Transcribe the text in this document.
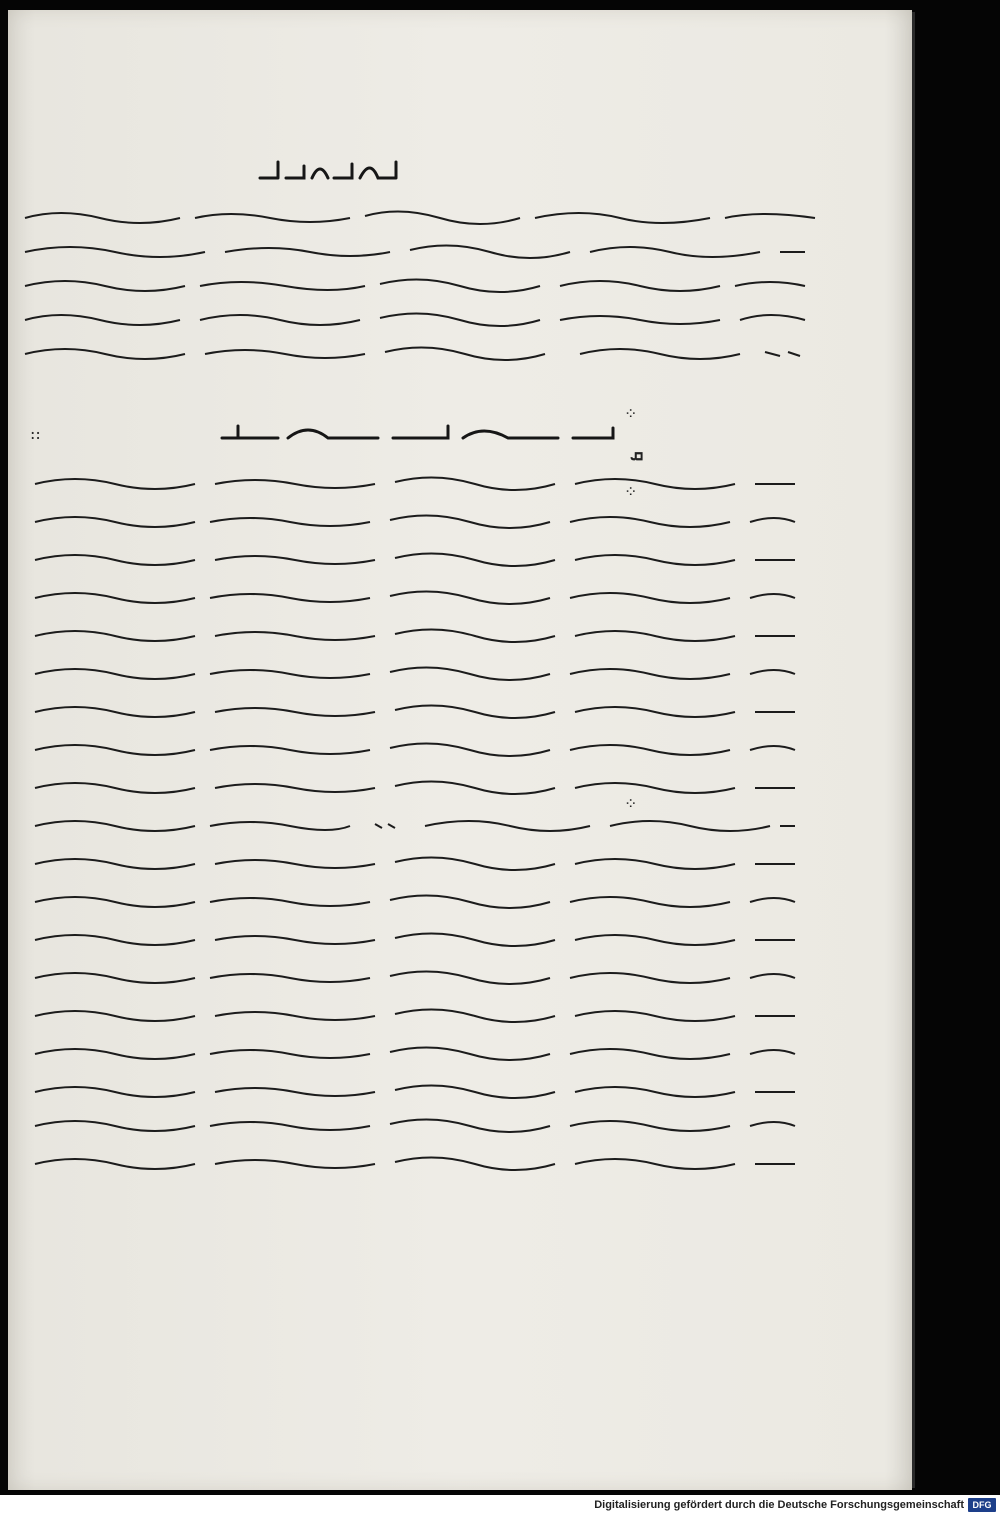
::
⁘
ܩ
⁘
⁘
Digitalisierung gefördert durch die Deutsche Forschungsgemeinschaft DFG
